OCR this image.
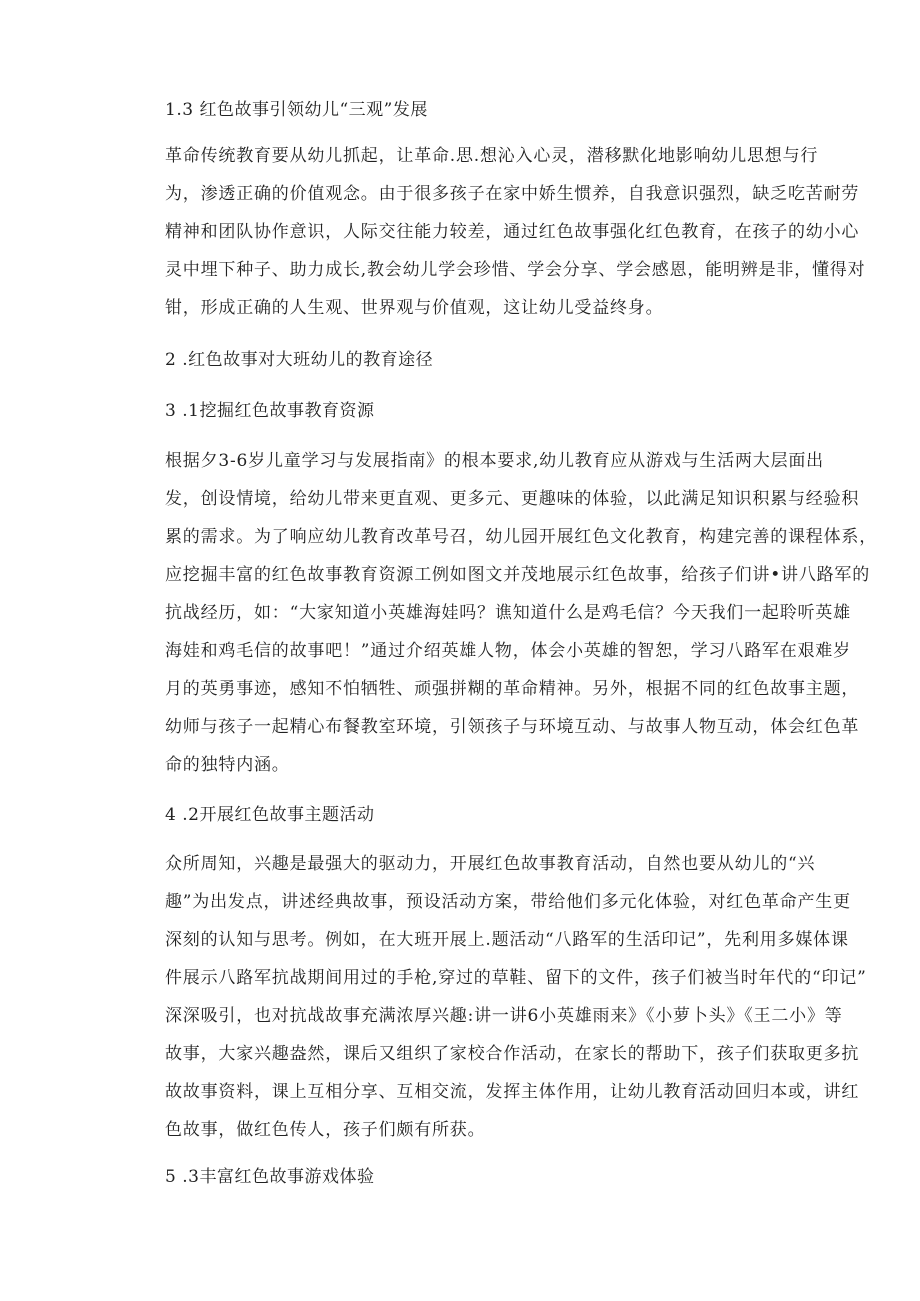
1.3 红色故事引领幼儿“三观”发展
革命传统教育要从幼儿抓起，让革命.思.想沁入心灵，潜移默化地影响幼儿思想与行
为，渗透正确的价值观念。由于很多孩子在家中娇生惯养，自我意识强烈，缺乏吃苦耐劳
精神和团队协作意识，人际交往能力较差，通过红色故事强化红色教育，在孩子的幼小心
灵中埋下种子、助力成长,教会幼儿学会珍惜、学会分享、学会感恩，能明辨是非，懂得对
钳，形成正确的人生观、世界观与价值观，这让幼儿受益终身。
2 .红色故事对大班幼儿的教育途径
3 .1挖掘红色故事教育资源
根据夕3-6岁儿童学习与发展指南》的根本要求,幼儿教育应从游戏与生活两大层面出
发，创设情境，给幼儿带来更直观、更多元、更趣味的体验，以此满足知识积累与经验积
累的需求。为了响应幼儿教育改革号召，幼儿园开展红色文化教育，构建完善的课程体系，
应挖掘丰富的红色故事教育资源工例如图文并茂地展示红色故事，给孩子们讲•讲八路军的
抗战经历，如：“大家知道小英雄海娃吗？谯知道什么是鸡毛信？今天我们一起聆听英雄
海娃和鸡毛信的故事吧！”通过介绍英雄人物，体会小英雄的智恕，学习八路军在艰难岁
月的英勇事迹，感知不怕牺牲、顽强拼糊的革命精神。另外，根据不同的红色故事主题，
幼师与孩子一起精心布餐教室环境，引领孩子与环境互动、与故事人物互动，体会红色革
命的独特内涵。
4 .2开展红色故事主题活动
众所周知，兴趣是最强大的驱动力，开展红色故事教育活动，自然也要从幼儿的“兴
趣”为出发点，讲述经典故事，预设活动方案，带给他们多元化体验，对红色革命产生更
深刻的认知与思考。例如，在大班开展上.题活动“八路军的生活印记”，先利用多媒体课
件展示八路军抗战期间用过的手枪,穿过的草鞋、留下的文件，孩子们被当时年代的“印记”
深深吸引，也对抗战故事充满浓厚兴趣:讲一讲6小英雄雨来》《小萝卜头》《王二小》等
故事，大家兴趣盎然，课后又组织了家校合作活动，在家长的帮助下，孩子们获取更多抗
故故事资料，课上互相分享、互相交流，发挥主体作用，让幼儿教育活动回归本或，讲红
色故事，做红色传人，孩子们颇有所获。
5 .3丰富红色故事游戏体验
